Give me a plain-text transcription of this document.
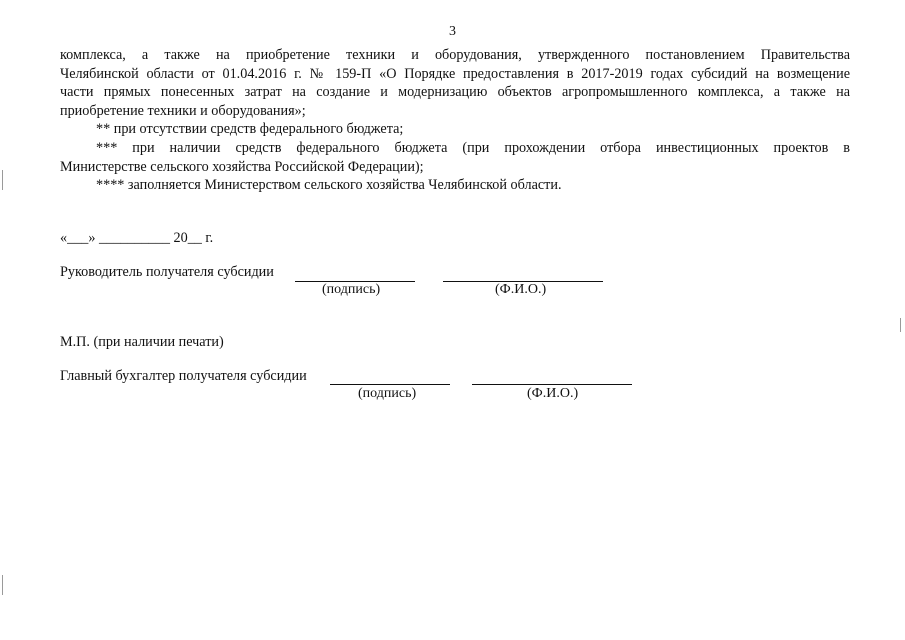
3
комплекса, а также на приобретение техники и оборудования, утвержденного постановлением Правительства
Челябинской области от 01.04.2016 г. № 159-П «О Порядке предоставления в 2017-2019 годах субсидий на возмещение
части прямых понесенных затрат на создание и модернизацию объектов агропромышленного комплекса, а также на
приобретение техники и оборудования»;
** при отсутствии средств федерального бюджета;
*** при наличии средств федерального бюджета (при прохождении отбора инвестиционных проектов в
Министерстве сельского хозяйства Российской Федерации);
**** заполняется Министерством сельского хозяйства Челябинской области.
«___» __________ 20__ г.
Руководитель получателя субсидии
(подпись)	(Ф.И.О.)
М.П. (при наличии печати)
Главный бухгалтер получателя субсидии
(подпись)	(Ф.И.О.)
